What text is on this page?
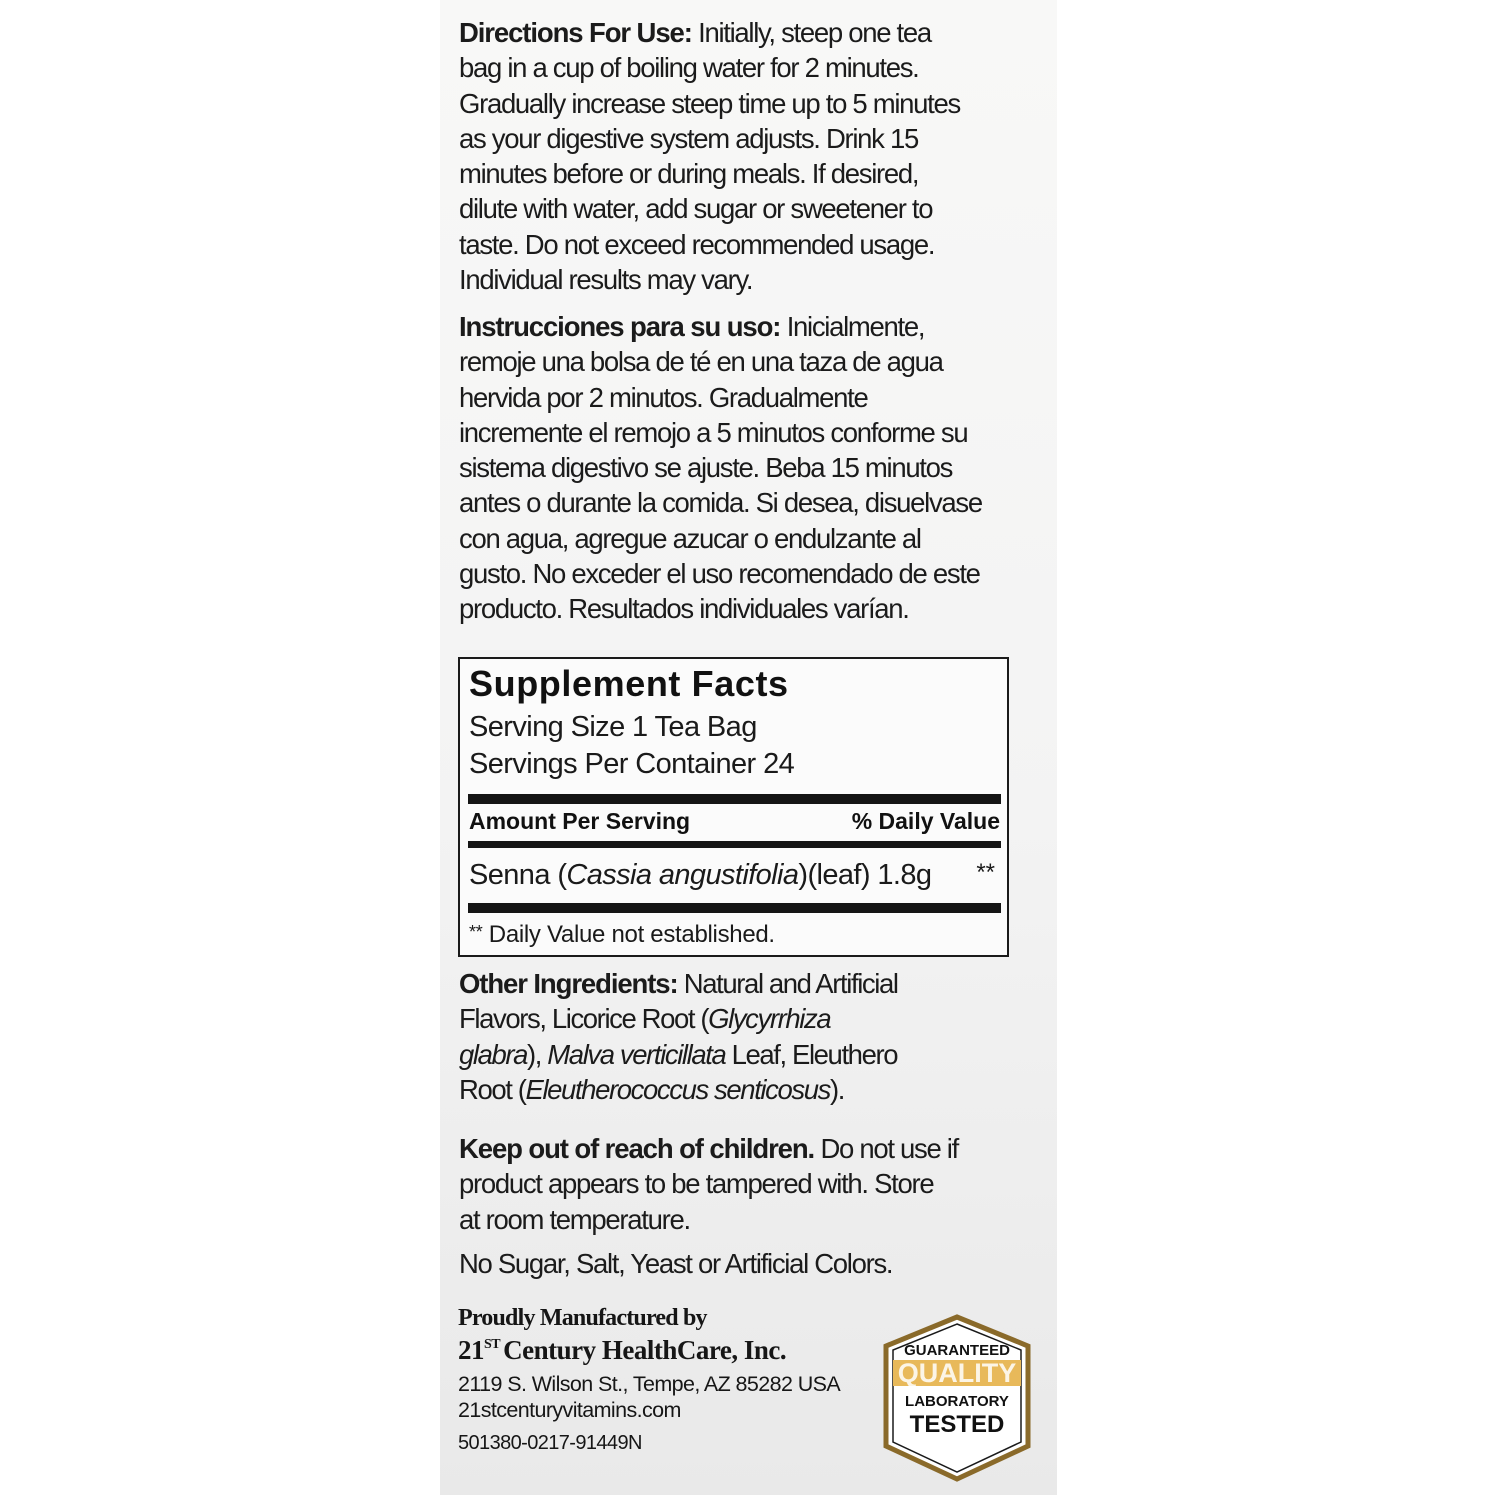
Directions For Use: Initially, steep one tea
bag in a cup of boiling water for 2 minutes.
Gradually increase steep time up to 5 minutes
as your digestive system adjusts. Drink 15
minutes before or during meals. If desired,
dilute with water, add sugar or sweetener to
taste. Do not exceed recommended usage.
Individual results may vary.
Instrucciones para su uso: Inicialmente,
remoje una bolsa de té en una taza de agua
hervida por 2 minutos. Gradualmente
incremente el remojo a 5 minutos conforme su
sistema digestivo se ajuste. Beba 15 minutos
antes o durante la comida. Si desea, disuelvase
con agua, agregue azucar o endulzante al
gusto. No exceder el uso recomendado de este
producto. Resultados individuales varían.
Supplement Facts
Serving Size 1 Tea Bag
Servings Per Container 24
Amount Per Serving	% Daily Value
Senna (Cassia angustifolia)(leaf) 1.8g **
** Daily Value not established.
Other Ingredients: Natural and Artificial
Flavors, Licorice Root (Glycyrrhiza
glabra), Malva verticillata Leaf, Eleuthero
Root (Eleutherococcus senticosus).
Keep out of reach of children. Do not use if
product appears to be tampered with. Store
at room temperature.
No Sugar, Salt, Yeast or Artificial Colors.
Proudly Manufactured by
21ST Century HealthCare, Inc.
2119 S. Wilson St., Tempe, AZ 85282 USA
21stcenturyvitamins.com
501380-0217-91449N
GUARANTEED
QUALITY
LABORATORY
TESTED
